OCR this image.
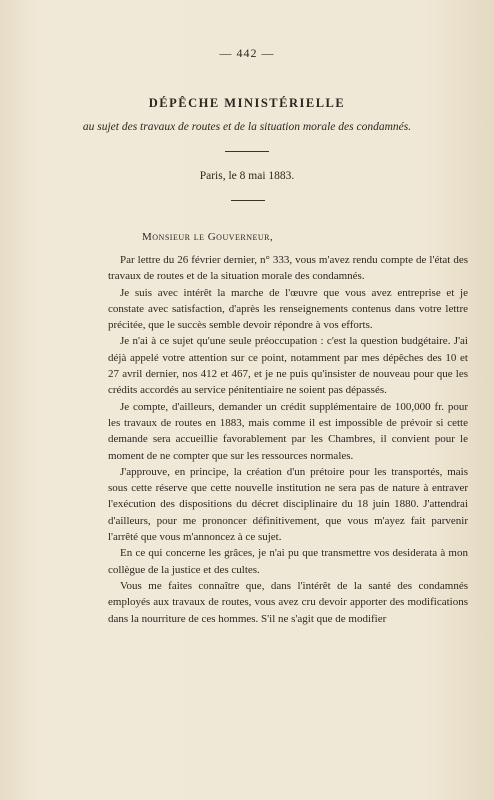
— 442 —
DÉPÊCHE MINISTÉRIELLE
au sujet des travaux de routes et de la situation morale des condamnés.
Paris, le 8 mai 1883.
Monsieur le Gouverneur,

Par lettre du 26 février dernier, n° 333, vous m'avez rendu compte de l'état des travaux de routes et de la situation morale des condamnés.

Je suis avec intérêt la marche de l'œuvre que vous avez entreprise et je constate avec satisfaction, d'après les renseignements contenus dans votre lettre précitée, que le succès semble devoir répondre à vos efforts.

Je n'ai à ce sujet qu'une seule préoccupation : c'est la question budgétaire. J'ai déjà appelé votre attention sur ce point, notamment par mes dépêches des 10 et 27 avril dernier, nos 412 et 467, et je ne puis qu'insister de nouveau pour que les crédits accordés au service pénitentiaire ne soient pas dépassés.

Je compte, d'ailleurs, demander un crédit supplémentaire de 100,000 fr. pour les travaux de routes en 1883, mais comme il est impossible de prévoir si cette demande sera accueillie favorablement par les Chambres, il convient pour le moment de ne compter que sur les ressources normales.

J'approuve, en principe, la création d'un prétoire pour les transportés, mais sous cette réserve que cette nouvelle institution ne sera pas de nature à entraver l'exécution des dispositions du décret disciplinaire du 18 juin 1880. J'attendrai d'ailleurs, pour me prononcer définitivement, que vous m'ayez fait parvenir l'arrêté que vous m'annoncez à ce sujet.

En ce qui concerne les grâces, je n'ai pu que transmettre vos desiderata à mon collègue de la justice et des cultes.

Vous me faites connaître que, dans l'intérêt de la santé des condamnés employés aux travaux de routes, vous avez cru devoir apporter des modifications dans la nourriture de ces hommes. S'il ne s'agit que de modifier
